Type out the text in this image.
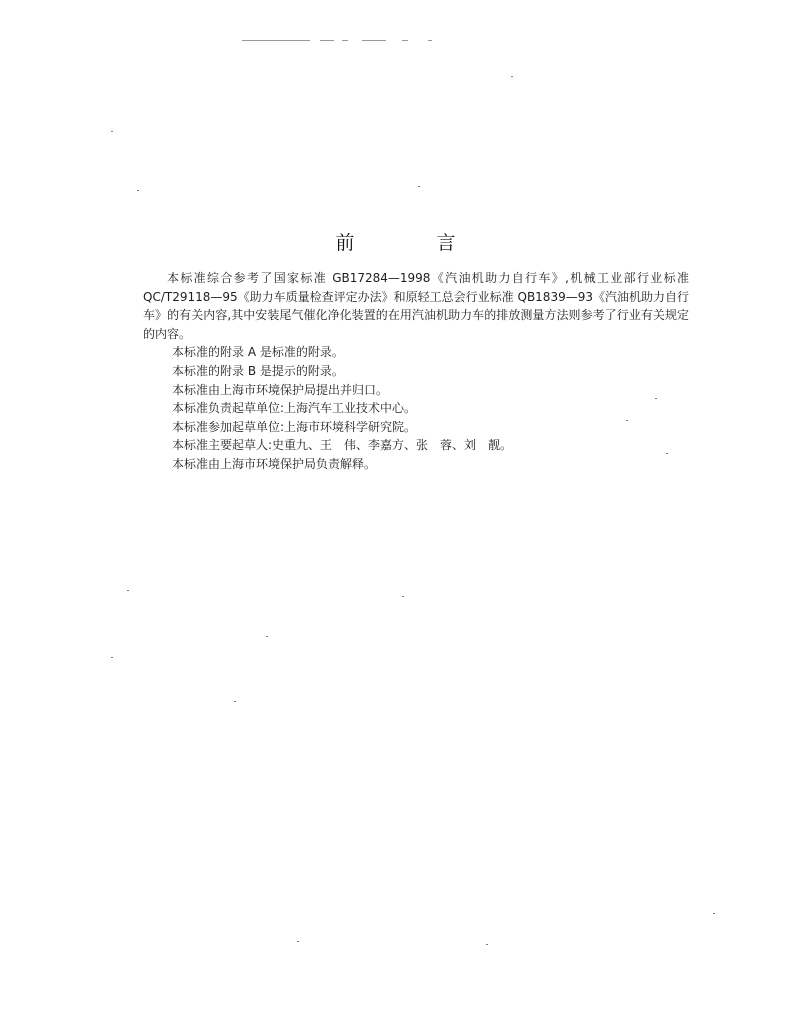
前 言

本标准综合参考了国家标准 GB17284—1998《汽油机助力自行车》,机械工业部行业标准 QC/T29118—95《助力车质量检查评定办法》和原轻工总会行业标准 QB1839—93《汽油机助力自行车》的有关内容,其中安装尾气催化净化装置的在用汽油机助力车的排放测量方法则参考了行业有关规定的内容。

本标准的附录 A 是标准的附录。

本标准的附录 B 是提示的附录。

本标准由上海市环境保护局提出并归口。

本标准负责起草单位:上海汽车工业技术中心。

本标准参加起草单位:上海市环境科学研究院。

本标准主要起草人:史重九、王　伟、李嘉方、张　蓉、刘　靓。

本标准由上海市环境保护局负责解释。
